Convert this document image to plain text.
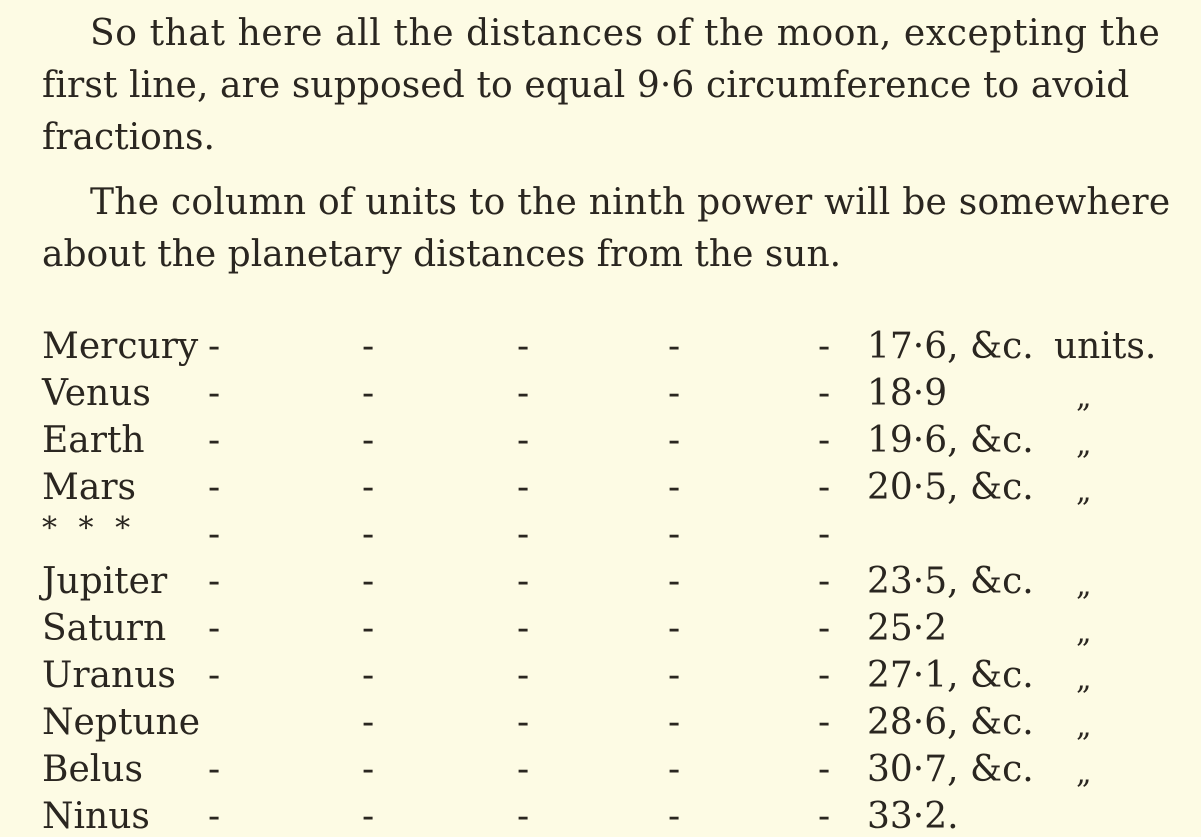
So that here all the distances of the moon, excepting the
first line, are supposed to equal 9·6 circumference to avoid
fractions.

The column of units to the ninth power will be somewhere
about the planetary distances from the sun.

Mercury -	-	-	-	- 17·6, &c. units.
Venus -	-	-	-	- 18·9	„
Earth -	-	-	-	- 19·6, &c. „
Mars -	-	-	-	- 20·5, &c. „
* * * -	-	-	-	-
Jupiter -	-	-	-	- 23·5, &c. „
Saturn -	-	-	-	- 25·2	„
Uranus -	-	-	-	- 27·1, &c. „
Neptune	-	-	-	- 28·6, &c. „
Belus -	-	-	-	- 30·7, &c. „
Ninus -	-	-	-	- 33·2.
